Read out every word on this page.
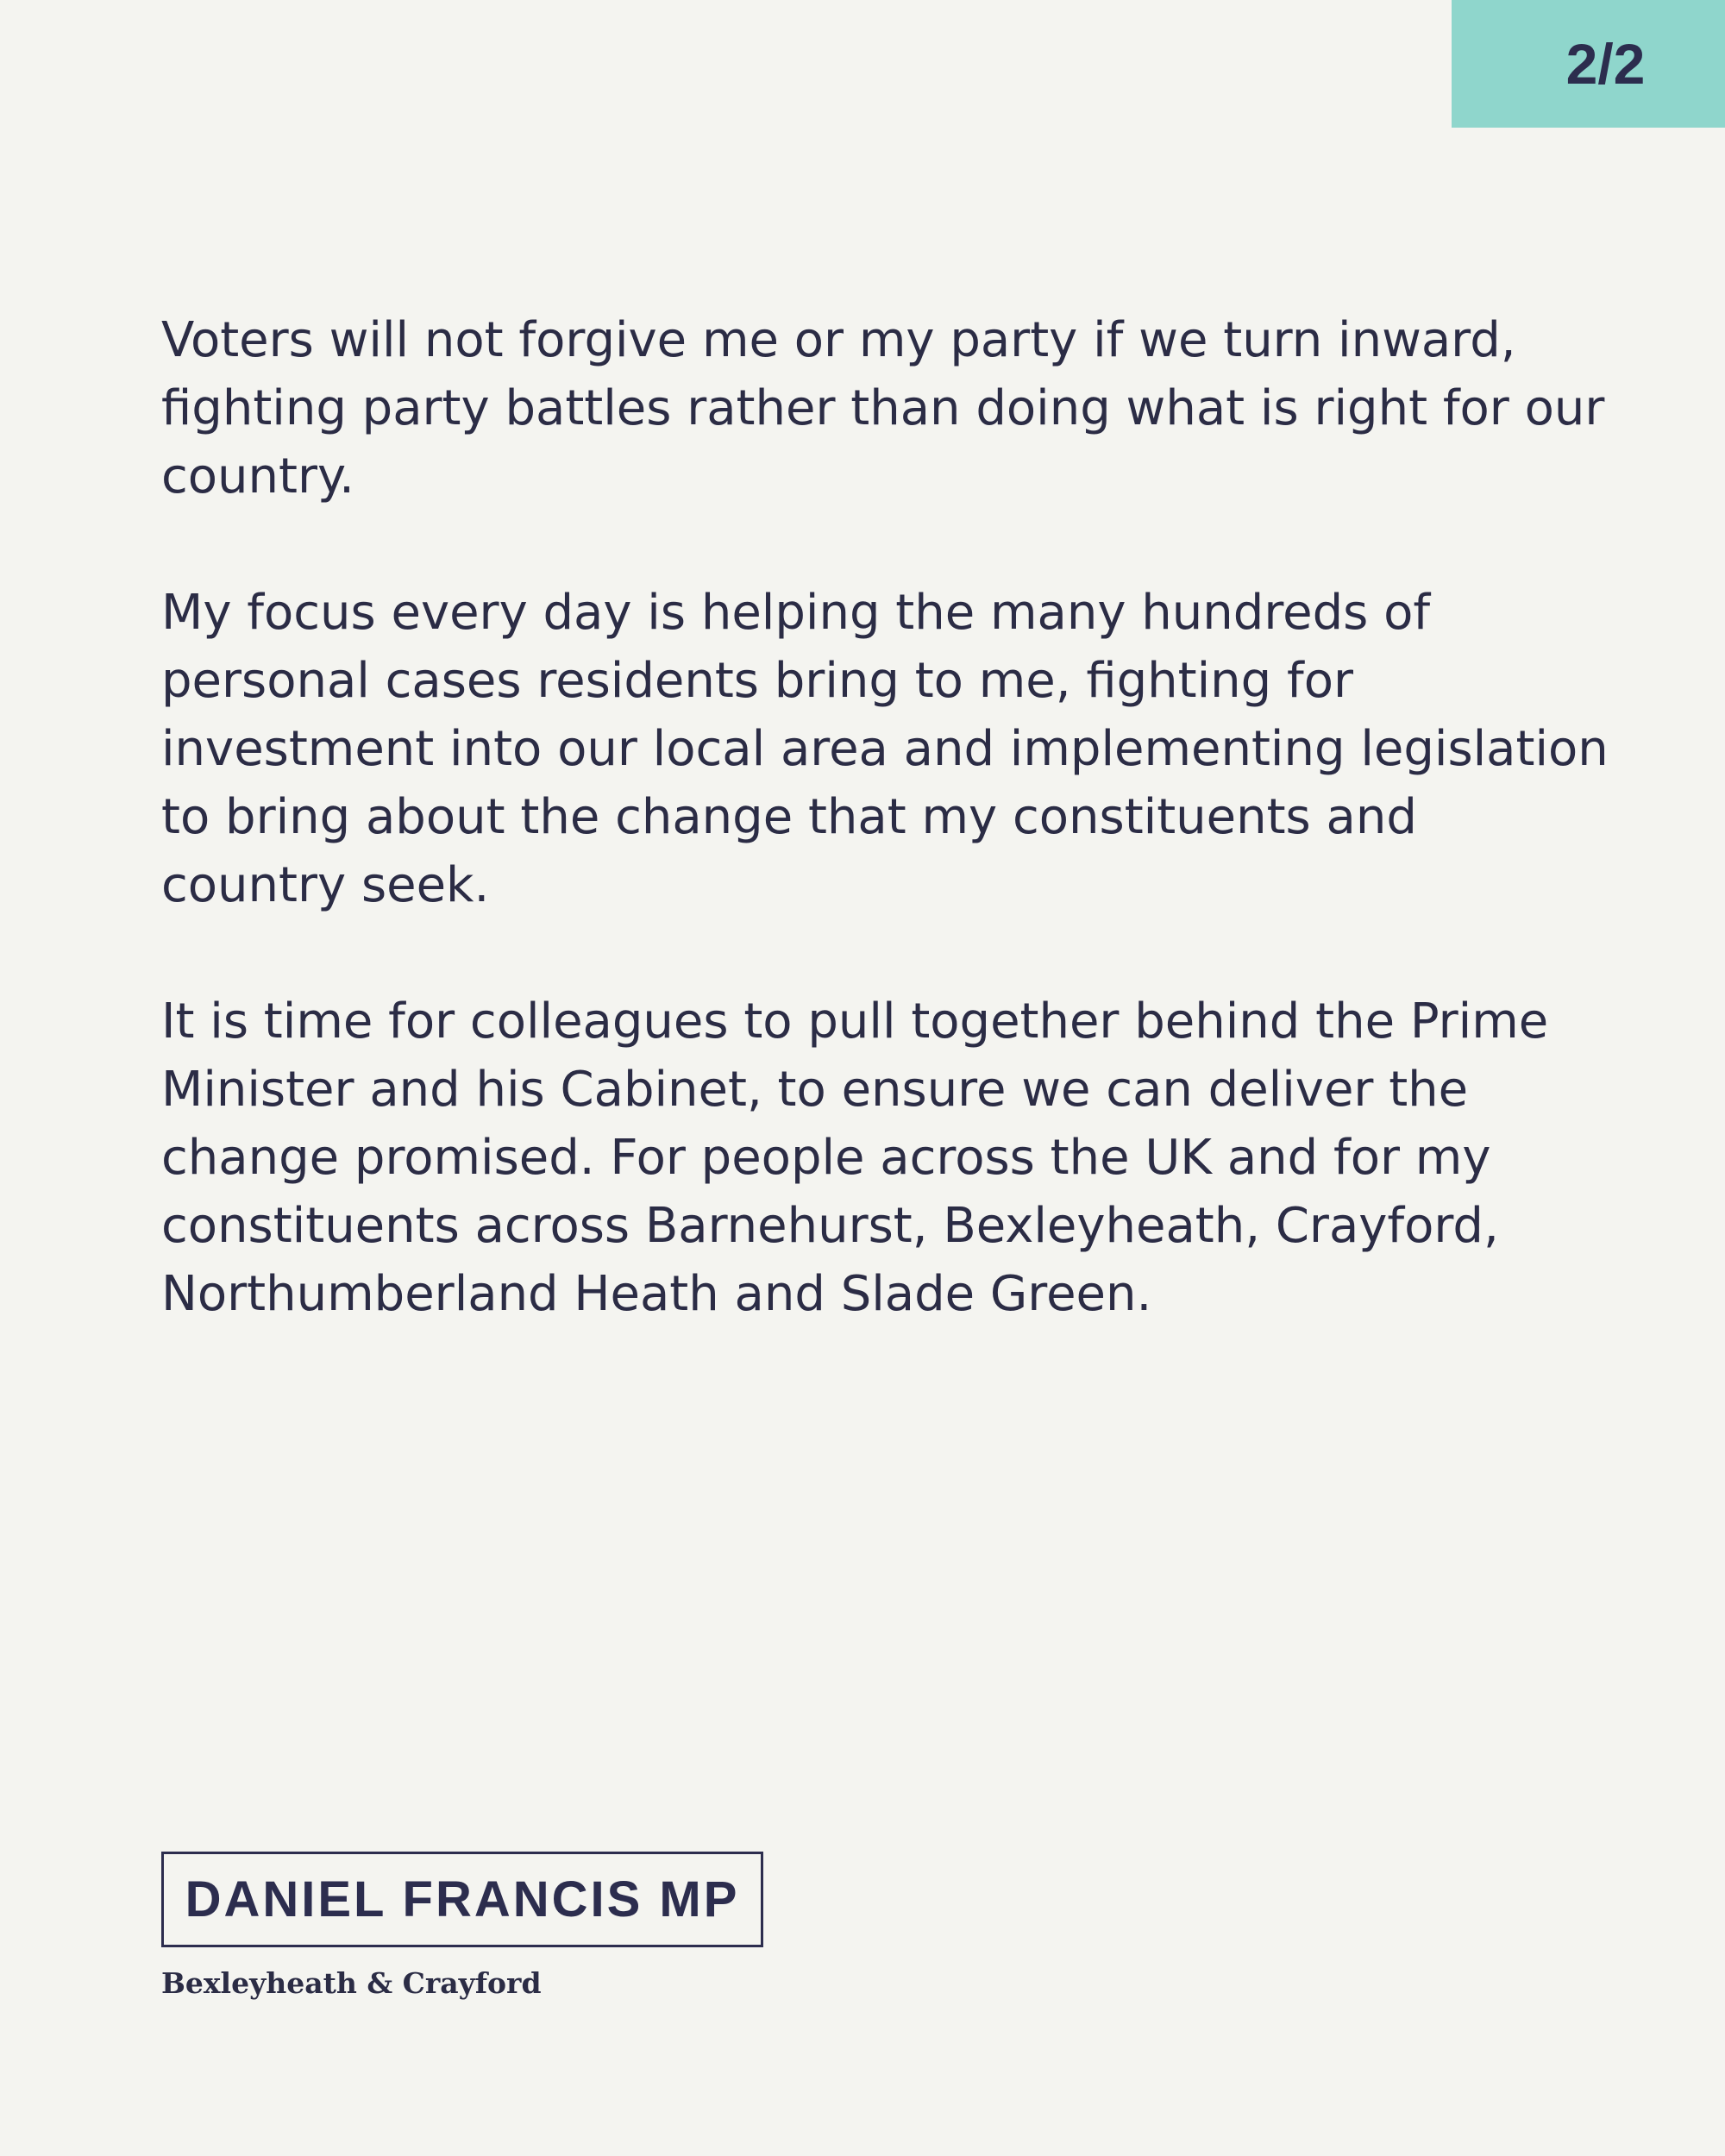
2/2

Voters will not forgive me or my party if we turn inward, fighting party battles rather than doing what is right for our country.

My focus every day is helping the many hundreds of personal cases residents bring to me, fighting for investment into our local area and implementing legislation to bring about the change that my constituents and country seek.

It is time for colleagues to pull together behind the Prime Minister and his Cabinet, to ensure we can deliver the change promised. For people across the UK and for my constituents across Barnehurst, Bexleyheath, Crayford, Northumberland Heath and Slade Green.

DANIEL FRANCIS MP
Bexleyheath & Crayford
